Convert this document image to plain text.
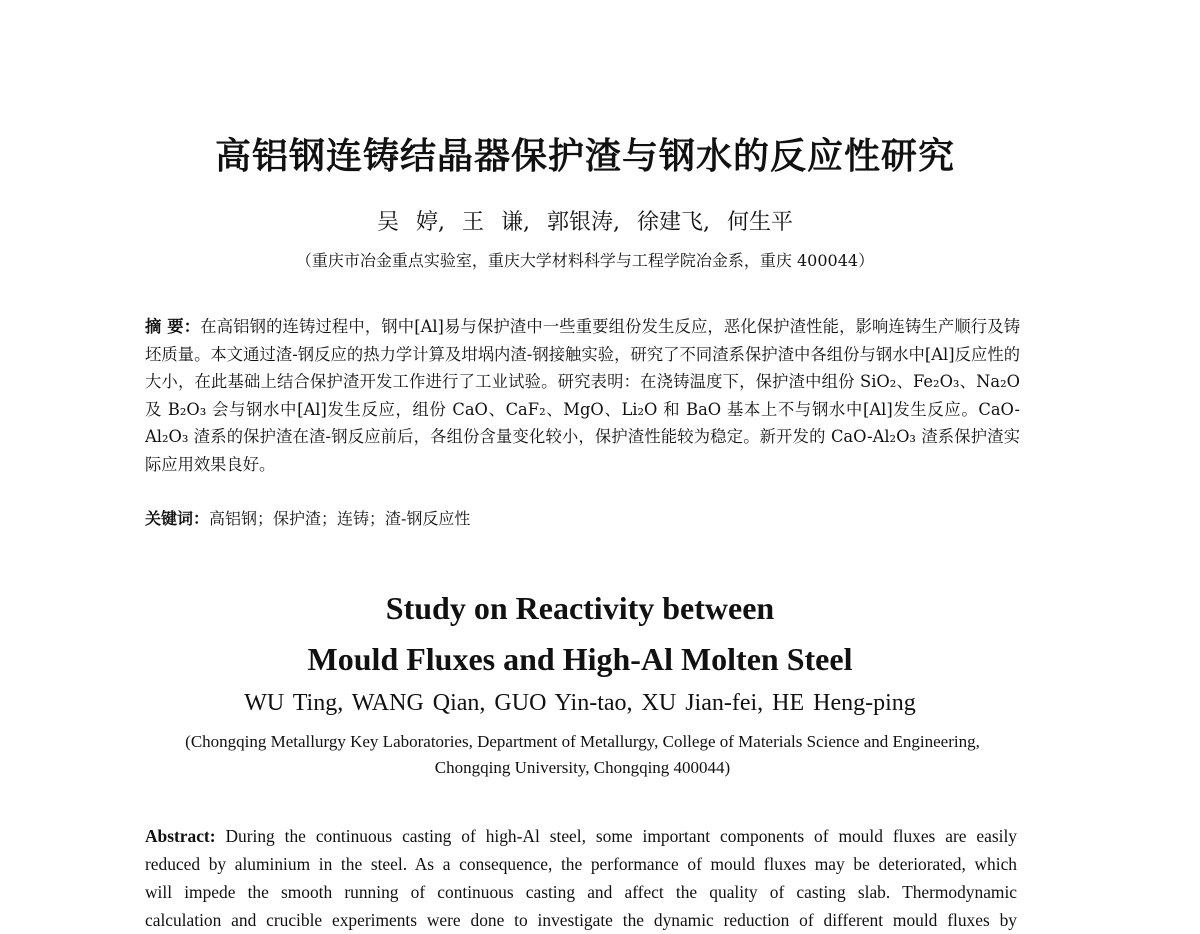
高铝钢连铸结晶器保护渣与钢水的反应性研究
吴 婷, 王 谦, 郭银涛, 徐建飞, 何生平
（重庆市冶金重点实验室，重庆大学材料科学与工程学院冶金系，重庆 400044）
摘 要：在高铝钢的连铸过程中，钢中[Al]易与保护渣中一些重要组份发生反应，恶化保护渣性能，影响连铸生产顺行及铸坯质量。本文通过渣-钢反应的热力学计算及坩埚内渣-钢接触实验，研究了不同渣系保护渣中各组份与钢水中[Al]反应性的大小，在此基础上结合保护渣开发工作进行了工业试验。研究表明：在浇铸温度下，保护渣中组份 SiO₂、Fe₂O₃、Na₂O 及 B₂O₃ 会与钢水中[Al]发生反应，组份 CaO、CaF₂、MgO、Li₂O 和 BaO 基本上不与钢水中[Al]发生反应。CaO-Al₂O₃ 渣系的保护渣在渣-钢反应前后，各组份含量变化较小，保护渣性能较为稳定。新开发的 CaO-Al₂O₃ 渣系保护渣实际应用效果良好。
关键词：高铝钢；保护渣；连铸；渣-钢反应性
Study on Reactivity between
Mould Fluxes and High-Al Molten Steel
WU Ting, WANG Qian, GUO Yin-tao, XU Jian-fei, HE Heng-ping
(Chongqing Metallurgy Key Laboratories, Department of Metallurgy, College of Materials Science and Engineering,
Chongqing University, Chongqing 400044)
Abstract: During the continuous casting of high-Al steel, some important components of mould fluxes are easily
reduced by aluminium in the steel. As a consequence, the performance of mould fluxes may be deteriorated, which
will impede the smooth running of continuous casting and affect the quality of casting slab. Thermodynamic
calculation and crucible experiments were done to investigate the dynamic reduction of different mould fluxes by
